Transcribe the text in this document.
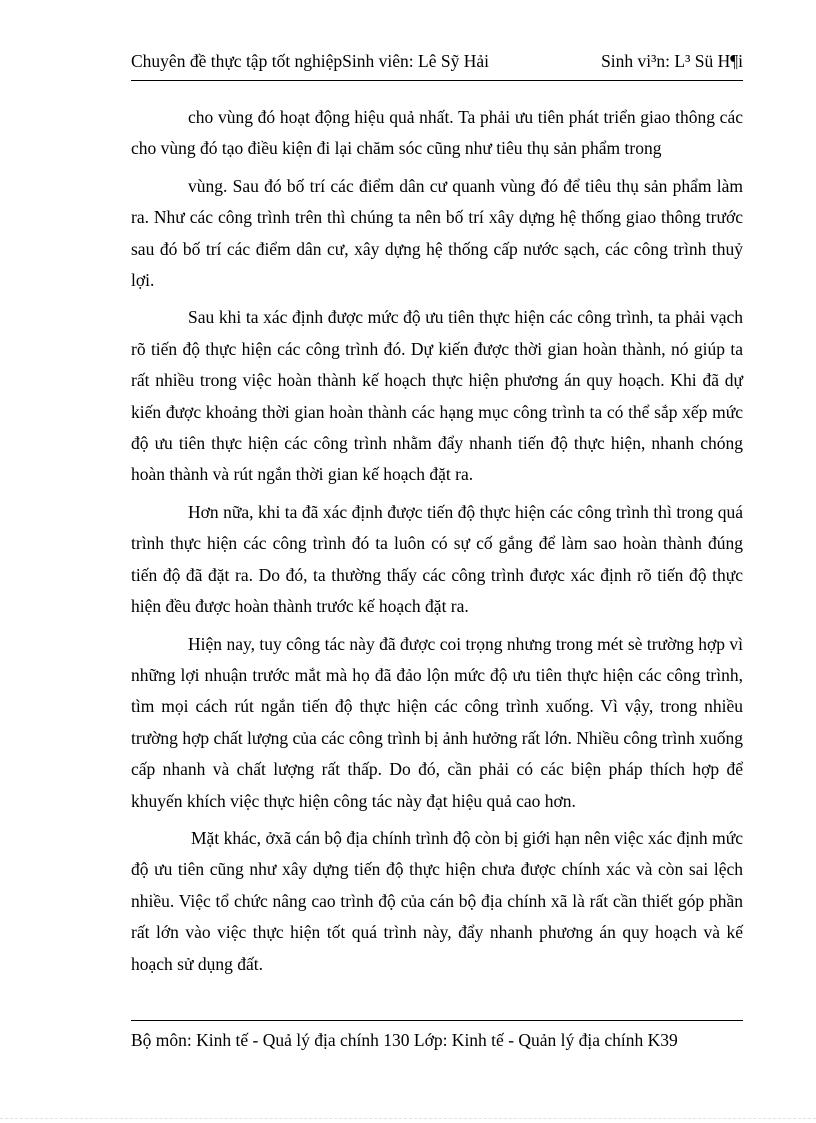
Chuyên đề thực tập tốt nghiệpSinh viên: Lê Sỹ Hải	Sinh vi³n: L³ Sü H¶i

cho vùng đó hoạt động hiệu quả nhất. Ta phải ưu tiên phát triển giao thông các cho vùng đó tạo điều kiện đi lại chăm sóc cũng như tiêu thụ sản phẩm trong

vùng. Sau đó bố trí các điểm dân cư quanh vùng đó để tiêu thụ sản phẩm làm ra. Như các công trình trên thì chúng ta nên bố trí xây dựng hệ thống giao thông trước sau đó bố trí các điểm dân cư, xây dựng hệ thống cấp nước sạch, các công trình thuỷ lợi.

Sau khi ta xác định được mức độ ưu tiên thực hiện các công trình, ta phải vạch rõ tiến độ thực hiện các công trình đó. Dự kiến được thời gian hoàn thành, nó giúp ta rất nhiều trong việc hoàn thành kế hoạch thực hiện phương án quy hoạch. Khi đã dự kiến được khoảng thời gian hoàn thành các hạng mục công trình ta có thể sắp xếp mức độ ưu tiên thực hiện các công trình nhằm đẩy nhanh tiến độ thực hiện, nhanh chóng hoàn thành và rút ngắn thời gian kế hoạch đặt ra.

Hơn nữa, khi ta đã xác định được tiến độ thực hiện các công trình thì trong quá trình thực hiện các công trình đó ta luôn có sự cố gắng để làm sao hoàn thành đúng tiến độ đã đặt ra. Do đó, ta thường thấy các công trình được xác định rõ tiến độ thực hiện đều được hoàn thành trước kế hoạch đặt ra.

Hiện nay, tuy công tác này đã được coi trọng nhưng trong mét sè trường hợp vì những lợi nhuận trước mắt mà họ đã đảo lộn mức độ ưu tiên thực hiện các công trình, tìm mọi cách rút ngắn tiến độ thực hiện các công trình xuống. Vì vậy, trong nhiều trường hợp chất lượng của các công trình bị ảnh hưởng rất lớn. Nhiều công trình xuống cấp nhanh và chất lượng rất thấp. Do đó, cần phải có các biện pháp thích hợp để khuyến khích việc thực hiện công tác này đạt hiệu quả cao hơn.

Mặt khác, ởxã cán bộ địa chính trình độ còn bị giới hạn nên việc xác định mức độ ưu tiên cũng như xây dựng tiến độ thực hiện chưa được chính xác và còn sai lệch nhiều. Việc tổ chức nâng cao trình độ của cán bộ địa chính xã là rất cần thiết góp phần rất lớn vào việc thực hiện tốt quá trình này, đẩy nhanh phương án quy hoạch và kế hoạch sử dụng đất.

Bộ môn: Kinh tế - Quả lý địa chính 130 Lớp: Kinh tế - Quản lý địa chính K39
